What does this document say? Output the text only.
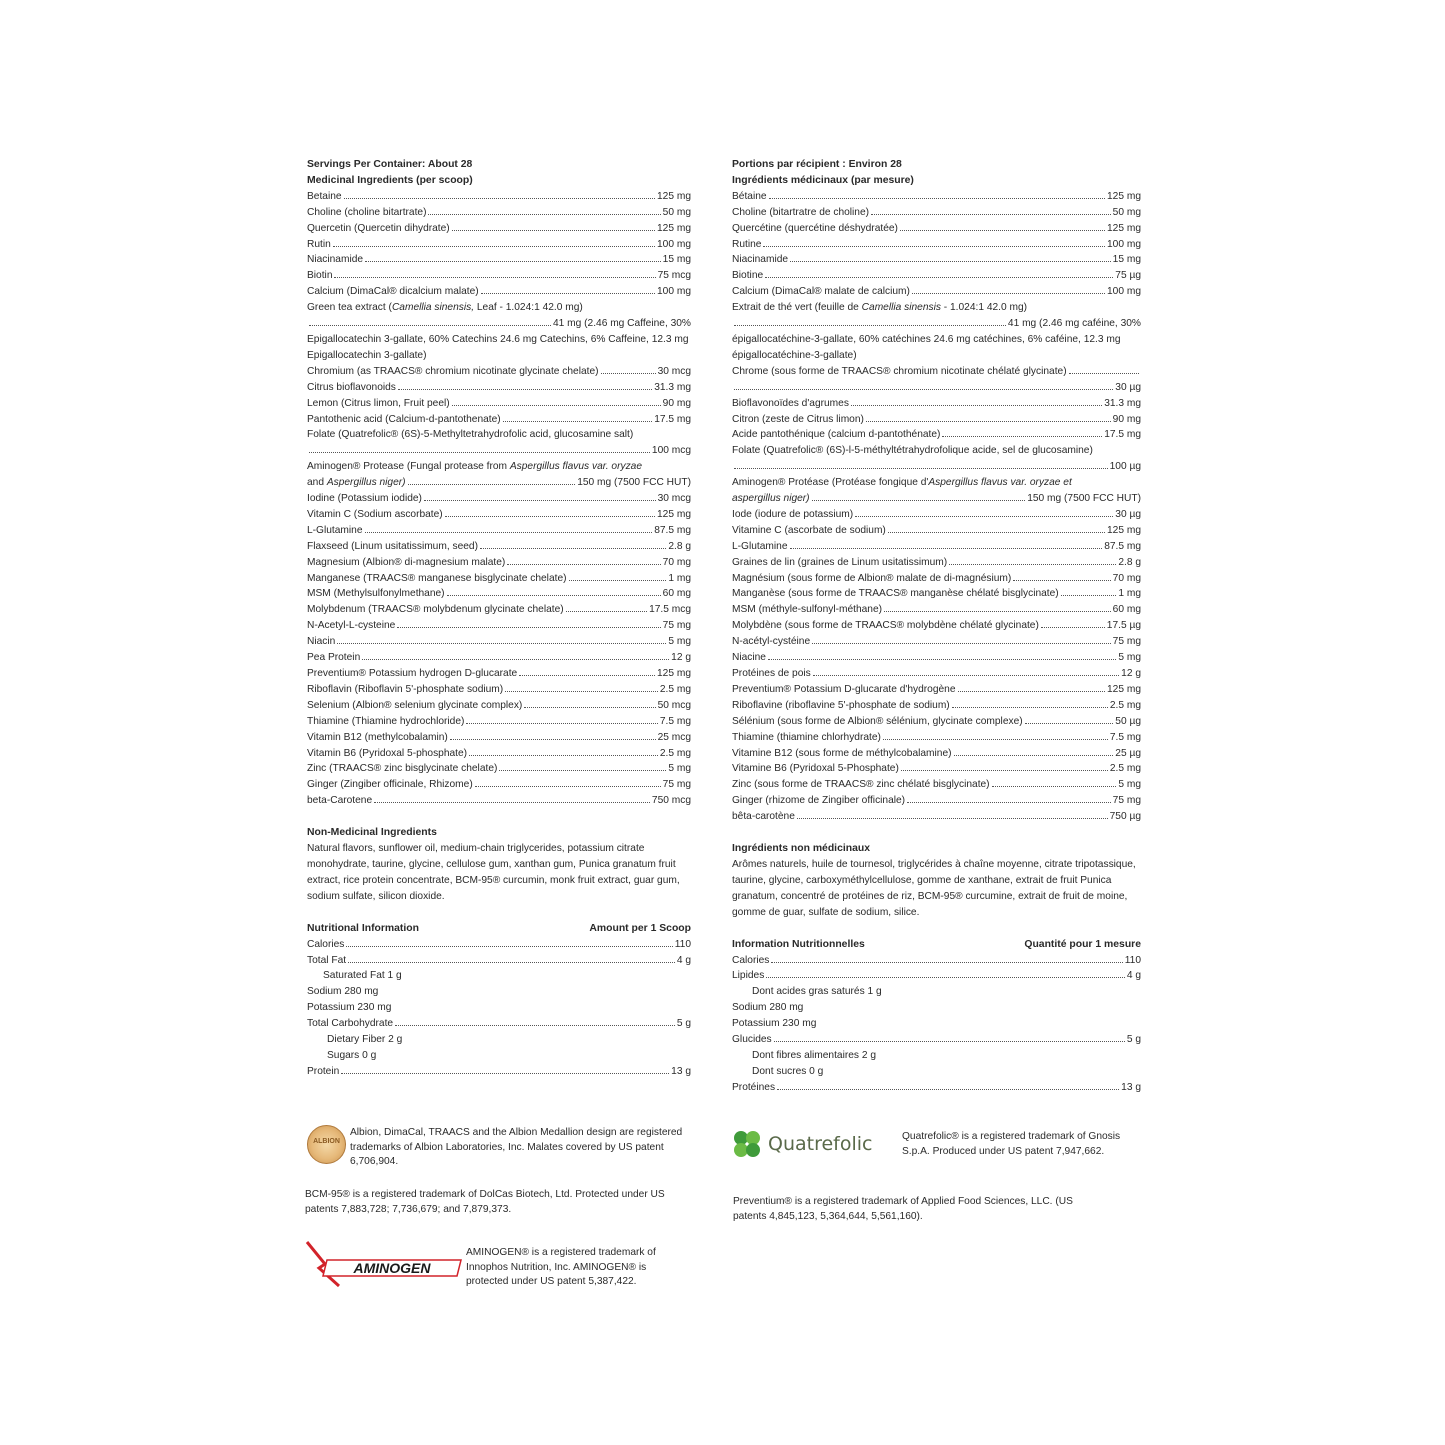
Servings Per Container: About 28
Medicinal Ingredients (per scoop)
Betaine	125 mg
Choline (choline bitartrate)	50 mg
Quercetin (Quercetin dihydrate)	125 mg
Rutin	100 mg
Niacinamide	15 mg
Biotin	75 mcg
Calcium (DimaCal® dicalcium malate)	100 mg
Green tea extract (Camellia sinensis, Leaf - 1.024:1 42.0 mg)
41 mg (2.46 mg Caffeine, 30%
Epigallocatechin 3-gallate, 60% Catechins 24.6 mg Catechins, 6% Caffeine, 12.3 mg Epigallocatechin 3-gallate)
Chromium (as TRAACS® chromium nicotinate glycinate chelate)	30 mcg
Citrus bioflavonoids	31.3 mg
Lemon (Citrus limon, Fruit peel)	90 mg
Pantothenic acid (Calcium-d-pantothenate)	17.5 mg
Folate (Quatrefolic® (6S)-5-Methyltetrahydrofolic acid, glucosamine salt)
100 mcg
Aminogen® Protease (Fungal protease from Aspergillus flavus var. oryzae
and Aspergillus niger)	150 mg (7500 FCC HUT)
Iodine (Potassium iodide)	30 mcg
Vitamin C (Sodium ascorbate)	125 mg
L-Glutamine	87.5 mg
Flaxseed (Linum usitatissimum, seed)	2.8 g
Magnesium (Albion® di-magnesium malate)	70 mg
Manganese (TRAACS® manganese bisglycinate chelate)	1 mg
MSM (Methylsulfonylmethane)	60 mg
Molybdenum (TRAACS® molybdenum glycinate chelate)	17.5 mcg
N-Acetyl-L-cysteine	75 mg
Niacin	5 mg
Pea Protein	12 g
Preventium® Potassium hydrogen D-glucarate	125 mg
Riboflavin (Riboflavin 5'-phosphate sodium)	2.5 mg
Selenium (Albion® selenium glycinate complex)	50 mcg
Thiamine (Thiamine hydrochloride)	7.5 mg
Vitamin B12 (methylcobalamin)	25 mcg
Vitamin B6 (Pyridoxal 5-phosphate)	2.5 mg
Zinc (TRAACS® zinc bisglycinate chelate)	5 mg
Ginger (Zingiber officinale, Rhizome)	75 mg
beta-Carotene	750 mcg
Non-Medicinal Ingredients
Natural flavors, sunflower oil, medium-chain triglycerides, potassium citrate monohydrate, taurine, glycine, cellulose gum, xanthan gum, Punica granatum fruit extract, rice protein concentrate, BCM-95® curcumin, monk fruit extract, guar gum, sodium sulfate, silicon dioxide.
Nutritional Information	Amount per 1 Scoop
Calories	110
Total Fat	4 g
Saturated Fat 1 g
Sodium 280 mg
Potassium 230 mg
Total Carbohydrate	5 g
Dietary Fiber 2 g
Sugars 0 g
Protein	13 g
Portions par récipient : Environ 28
Ingrédients médicinaux (par mesure)
Bétaine	125 mg
Choline (bitartratre de choline)	50 mg
Quercétine (quercétine déshydratée)	125 mg
Rutine	100 mg
Niacinamide	15 mg
Biotine	75 µg
Calcium (DimaCal® malate de calcium)	100 mg
Extrait de thé vert (feuille de Camellia sinensis - 1.024:1 42.0 mg)
41 mg (2.46 mg caféine, 30%
épigallocatéchine-3-gallate, 60% catéchines 24.6 mg catéchines, 6% caféine, 12.3 mg épigallocatéchine-3-gallate)
Chrome (sous forme de TRAACS® chromium nicotinate chélaté glycinate)
30 µg
Bioflavonoïdes d'agrumes	31.3 mg
Citron (zeste de Citrus limon)	90 mg
Acide pantothénique (calcium d-pantothénate)	17.5 mg
Folate (Quatrefolic® (6S)-l-5-méthyltétrahydrofolique acide, sel de glucosamine)
100 µg
Aminogen® Protéase (Protéase fongique d'Aspergillus flavus var. oryzae et
aspergillus niger)	150 mg (7500 FCC HUT)
Iode (iodure de potassium)	30 µg
Vitamine C (ascorbate de sodium)	125 mg
L-Glutamine	87.5 mg
Graines de lin (graines de Linum usitatissimum)	2.8 g
Magnésium (sous forme de Albion® malate de di-magnésium)	70 mg
Manganèse (sous forme de TRAACS® manganèse chélaté bisglycinate)	1 mg
MSM (méthyle-sulfonyl-méthane)	60 mg
Molybdène (sous forme de TRAACS® molybdène chélaté glycinate)	17.5 µg
N-acétyl-cystéine	75 mg
Niacine	5 mg
Protéines de pois	12 g
Preventium® Potassium D-glucarate d'hydrogène	125 mg
Riboflavine (riboflavine 5'-phosphate de sodium)	2.5 mg
Sélénium (sous forme de Albion® sélénium, glycinate complexe)	50 µg
Thiamine (thiamine chlorhydrate)	7.5 mg
Vitamine B12 (sous forme de méthylcobalamine)	25 µg
Vitamine B6 (Pyridoxal 5-Phosphate)	2.5 mg
Zinc (sous forme de TRAACS® zinc chélaté bisglycinate)	5 mg
Ginger (rhizome de Zingiber officinale)	75 mg
bêta-carotène	750 µg
Ingrédients non médicinaux
Arômes naturels, huile de tournesol, triglycérides à chaîne moyenne, citrate tripotassique, taurine, glycine, carboxyméthylcellulose, gomme de xanthane, extrait de fruit Punica granatum, concentré de protéines de riz, BCM-95® curcumine, extrait de fruit de moine, gomme de guar, sulfate de sodium, silice.
Information Nutritionnelles	Quantité pour 1 mesure
Calories	110
Lipides	4 g
Dont acides gras saturés 1 g
Sodium 280 mg
Potassium 230 mg
Glucides	5 g
Dont fibres alimentaires 2 g
Dont sucres 0 g
Protéines	13 g
ALBION
Albion, DimaCal, TRAACS and the Albion Medallion design are registered trademarks of Albion Laboratories, Inc. Malates covered by US patent 6,706,904.
Quatrefolic	Quatrefolic® is a registered trademark of Gnosis S.p.A. Produced under US patent 7,947,662.
BCM-95® is a registered trademark of DolCas Biotech, Ltd. Protected under US patents 7,883,728; 7,736,679; and 7,879,373.
Preventium® is a registered trademark of Applied Food Sciences, LLC. (US patents 4,845,123, 5,364,644, 5,561,160).
AMINOGEN
AMINOGEN® is a registered trademark of Innophos Nutrition, Inc. AMINOGEN® is protected under US patent 5,387,422.
